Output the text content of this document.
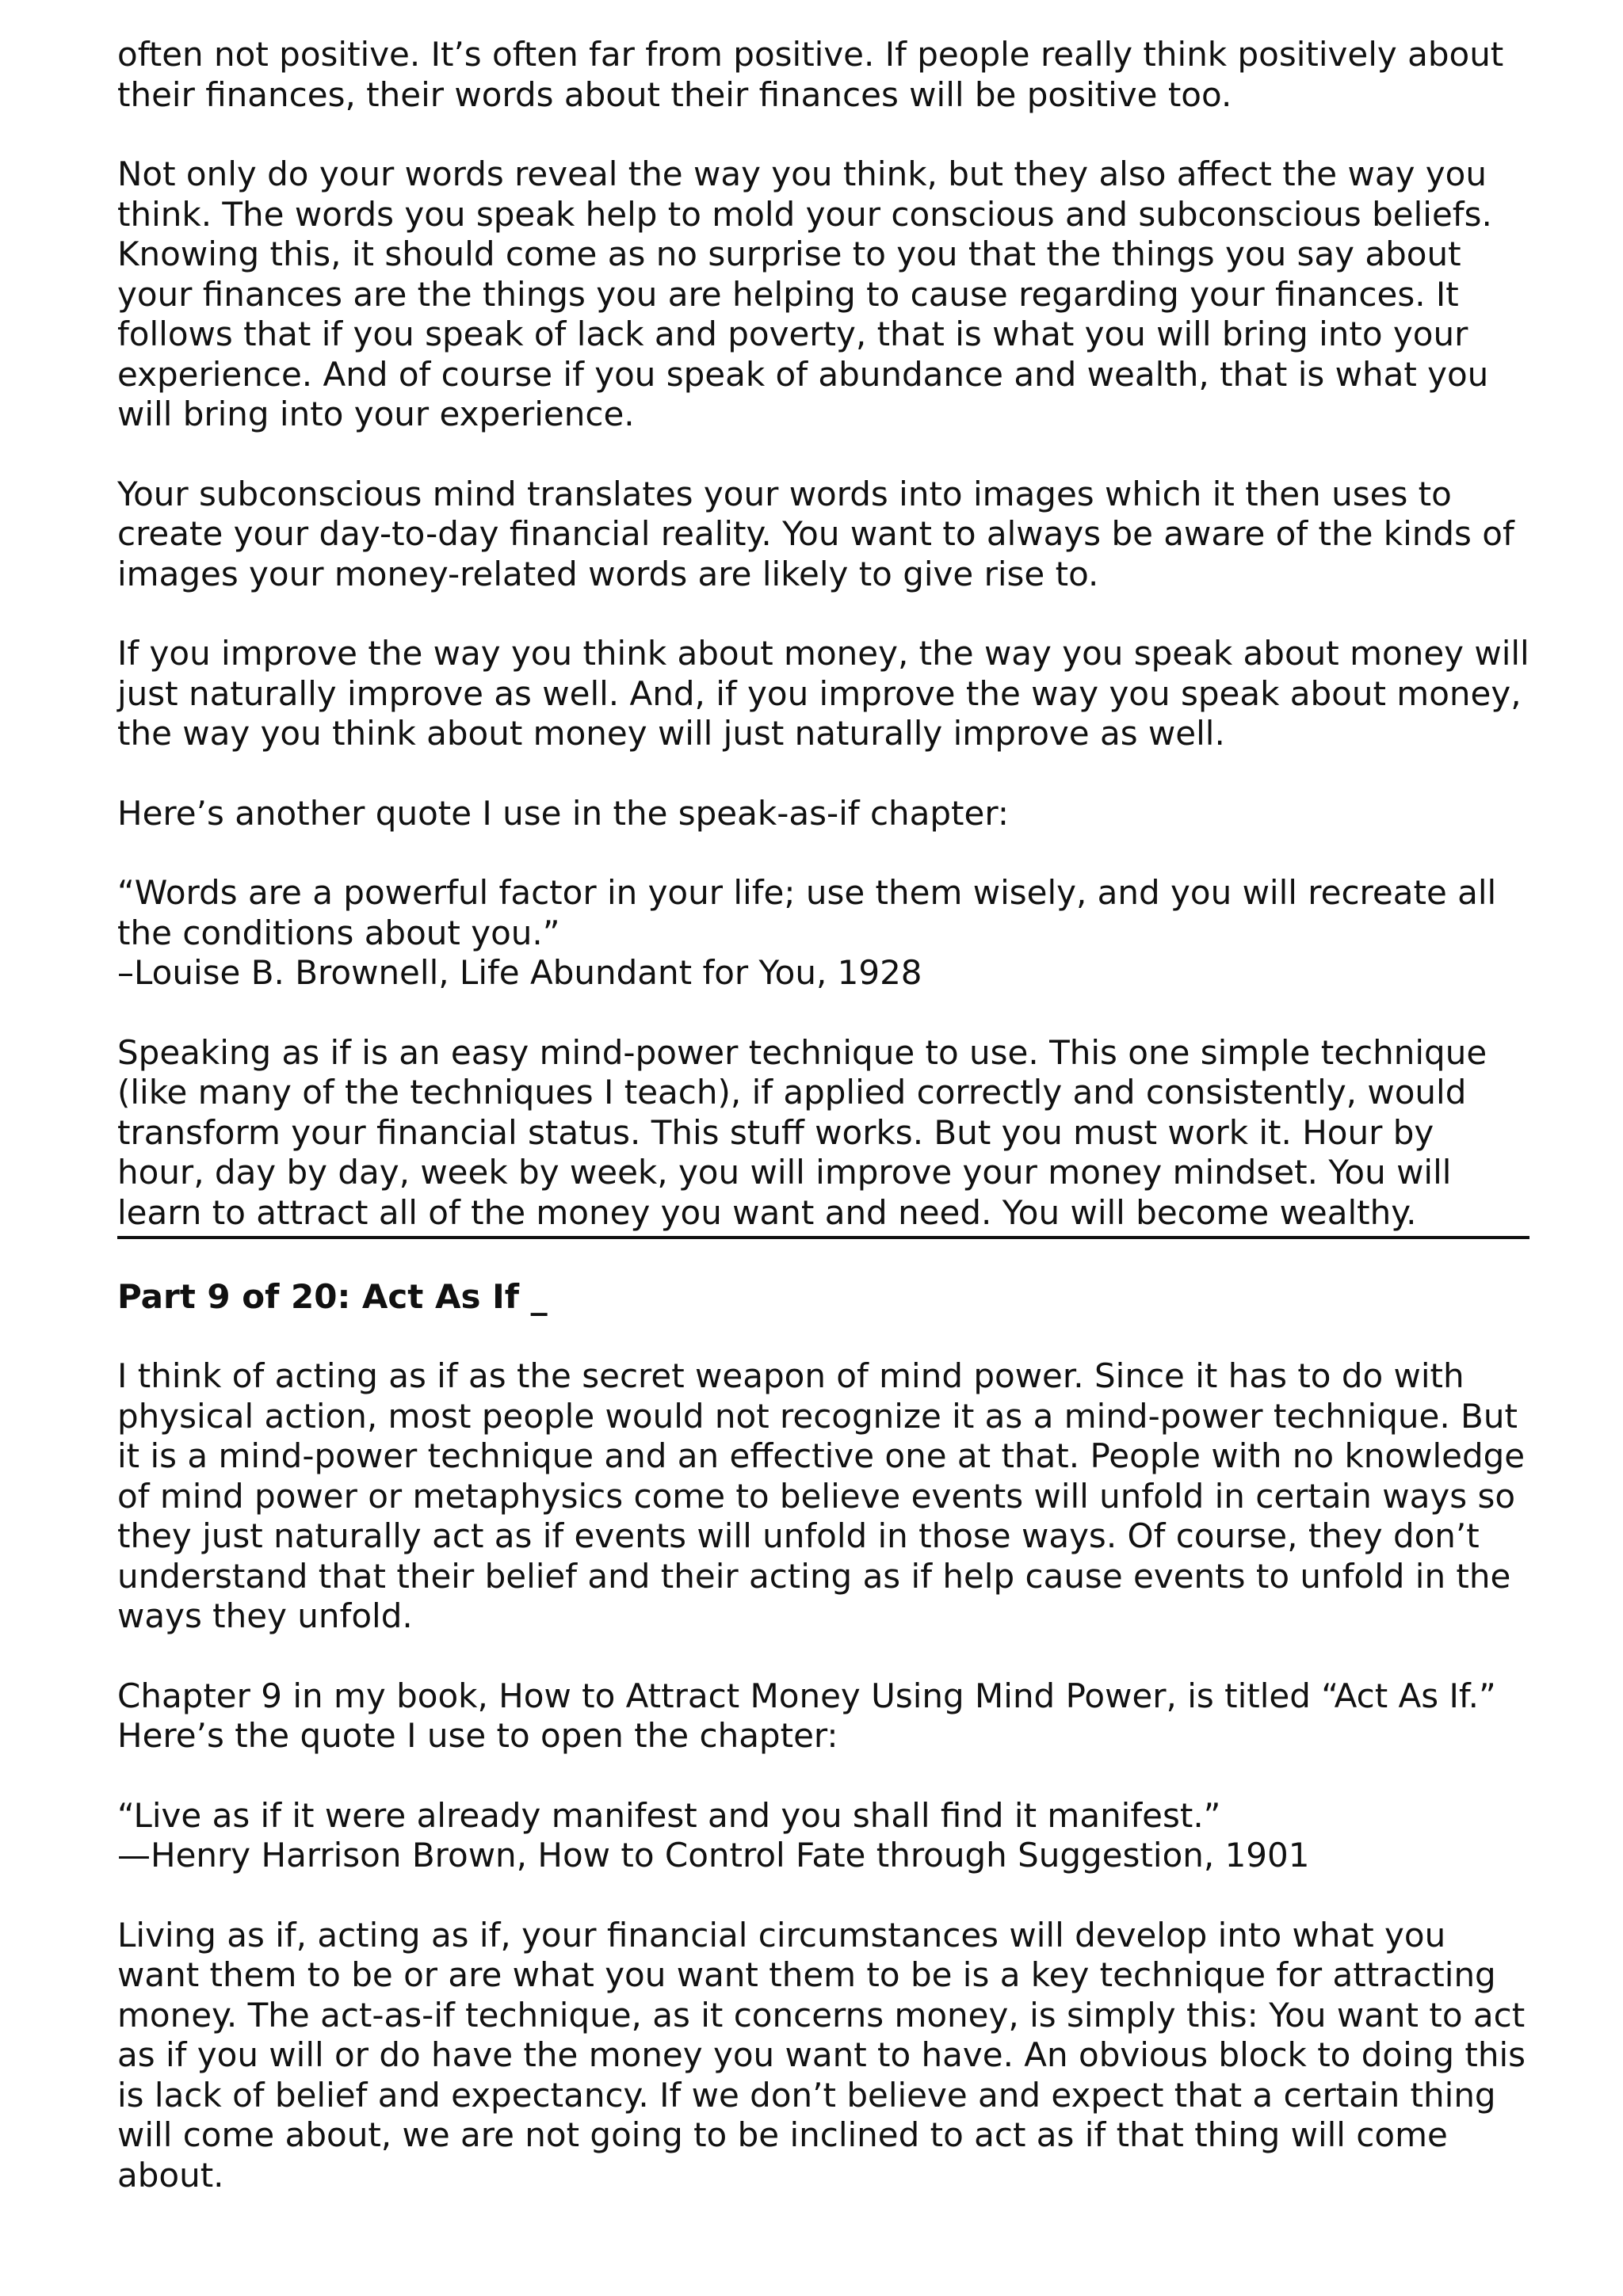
often not positive. It’s often far from positive. If people really think positively about their finances, their words about their finances will be positive too.

Not only do your words reveal the way you think, but they also affect the way you think. The words you speak help to mold your conscious and subconscious beliefs. Knowing this, it should come as no surprise to you that the things you say about your finances are the things you are helping to cause regarding your finances. It follows that if you speak of lack and poverty, that is what you will bring into your experience. And of course if you speak of abundance and wealth, that is what you will bring into your experience.

Your subconscious mind translates your words into images which it then uses to create your day-to-day financial reality. You want to always be aware of the kinds of images your money-related words are likely to give rise to.

If you improve the way you think about money, the way you speak about money will just naturally improve as well. And, if you improve the way you speak about money, the way you think about money will just naturally improve as well.

Here’s another quote I use in the speak-as-if chapter:

“Words are a powerful factor in your life; use them wisely, and you will recreate all the conditions about you.”

–Louise B. Brownell, Life Abundant for You, 1928

Speaking as if is an easy mind-power technique to use. This one simple technique (like many of the techniques I teach), if applied correctly and consistently, would transform your financial status. This stuff works. But you must work it. Hour by hour, day by day, week by week, you will improve your money mindset. You will learn to attract all of the money you want and need. You will become wealthy.

Part 9 of 20: Act As If _

I think of acting as if as the secret weapon of mind power. Since it has to do with physical action, most people would not recognize it as a mind-power technique. But it is a mind-power technique and an effective one at that. People with no knowledge of mind power or metaphysics come to believe events will unfold in certain ways so they just naturally act as if events will unfold in those ways. Of course, they don’t understand that their belief and their acting as if help cause events to unfold in the ways they unfold.

Chapter 9 in my book, How to Attract Money Using Mind Power, is titled “Act As If.” Here’s the quote I use to open the chapter:

“Live as if it were already manifest and you shall find it manifest.”

—Henry Harrison Brown, How to Control Fate through Suggestion, 1901

Living as if, acting as if, your financial circumstances will develop into what you want them to be or are what you want them to be is a key technique for attracting money. The act-as-if technique, as it concerns money, is simply this: You want to act as if you will or do have the money you want to have. An obvious block to doing this is lack of belief and expectancy. If we don’t believe and expect that a certain thing will come about, we are not going to be inclined to act as if that thing will come about.
